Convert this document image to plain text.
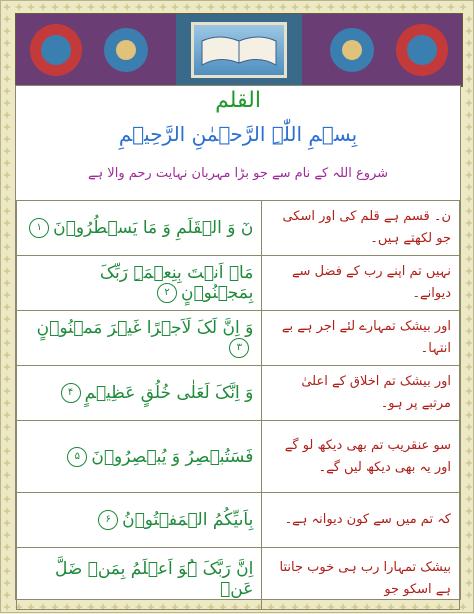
القلم
بِسۡمِ اللّٰہِ الرَّحۡمٰنِ الرَّحِیۡمِ
شروع اللہ کے نام سے جو بڑا مہربان نہایت رحم والا ہے
نٓ وَ الۡقَلَمِ وَ مَا یَسۡطُرُوۡنَ۱	ن۔ قسم ہے قلم کی اور اسکی جو لکھتے ہیں۔
مَاۤ اَنۡتَ بِنِعۡمَۃِ رَبِّکَ بِمَجۡنُوۡنٍ۲	نہیں تم اپنے رب کے فضل سے دیوانے۔
وَ اِنَّ لَکَ لَاَجۡرًا غَیۡرَ مَمۡنُوۡنٍ۳	اور بیشک تمہارے لئے اجر ہے بے انتہا۔
وَ اِنَّکَ لَعَلٰی خُلُقٍ عَظِیۡمٍ۴	اور بیشک تم اخلاق کے اعلیٰ مرتبے پر ہو۔
فَسَتُبۡصِرُ وَ یُبۡصِرُوۡنَ۵	سو عنقریب تم بھی دیکھ لو گے اور یہ بھی دیکھ لیں گے۔
بِاَىیِّکُمُ الۡمَفۡتُوۡنُ۶	کہ تم میں سے کون دیوانہ ہے۔
اِنَّ رَبَّکَ ہُوَ اَعۡلَمُ بِمَنۡ ضَلَّ عَنۡ	بیشک تمہارا رب ہی خوب جانتا ہے اسکو جو
